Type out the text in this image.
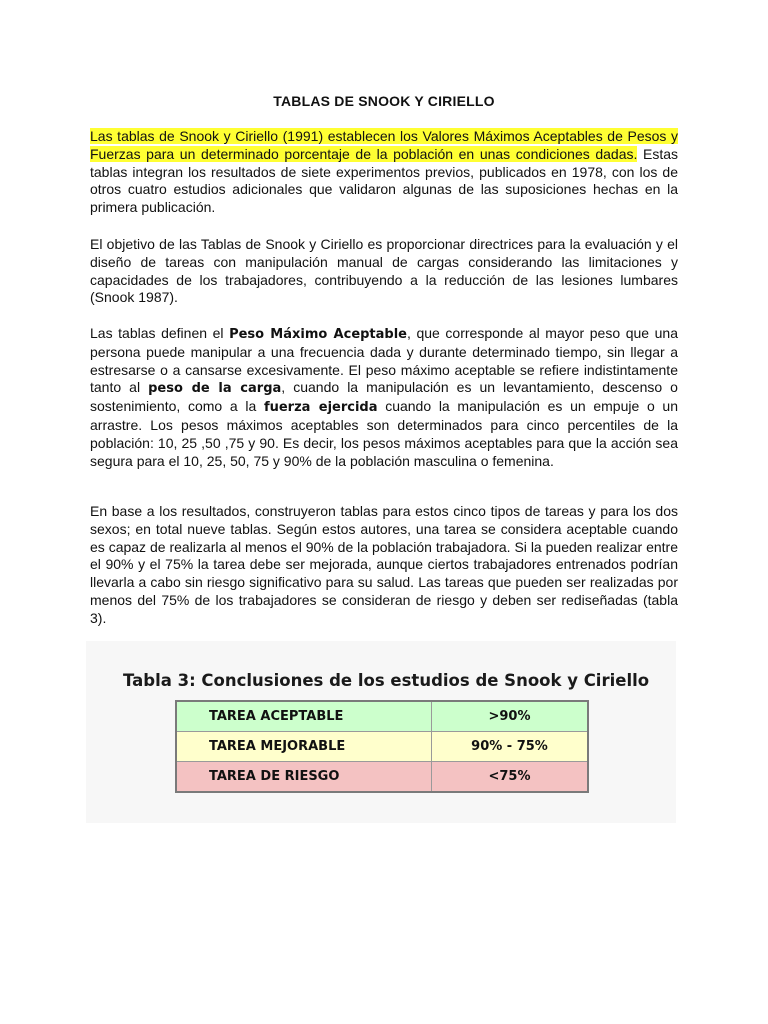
TABLAS DE SNOOK Y CIRIELLO

Las tablas de Snook y Ciriello (1991) establecen los Valores Máximos Aceptables de Pesos y Fuerzas para un determinado porcentaje de la población en unas condiciones dadas. Estas tablas integran los resultados de siete experimentos previos, publicados en 1978, con los de otros cuatro estudios adicionales que validaron algunas de las suposiciones hechas en la primera publicación.

El objetivo de las Tablas de Snook y Ciriello es proporcionar directrices para la evaluación y el diseño de tareas con manipulación manual de cargas considerando las limitaciones y capacidades de los trabajadores, contribuyendo a la reducción de las lesiones lumbares (Snook 1987).

Las tablas definen el Peso Máximo Aceptable, que corresponde al mayor peso que una persona puede manipular a una frecuencia dada y durante determinado tiempo, sin llegar a estresarse o a cansarse excesivamente. El peso máximo aceptable se refiere indistintamente tanto al peso de la carga, cuando la manipulación es un levantamiento, descenso o sostenimiento, como a la fuerza ejercida cuando la manipulación es un empuje o un arrastre. Los pesos máximos aceptables son determinados para cinco percentiles de la población: 10, 25 ,50 ,75 y 90. Es decir, los pesos máximos aceptables para que la acción sea segura para el 10, 25, 50, 75 y 90% de la población masculina o femenina.

En base a los resultados, construyeron tablas para estos cinco tipos de tareas y para los dos sexos; en total nueve tablas. Según estos autores, una tarea se considera aceptable cuando es capaz de realizarla al menos el 90% de la población trabajadora. Si la pueden realizar entre el 90% y el 75% la tarea debe ser mejorada, aunque ciertos trabajadores entrenados podrían llevarla a cabo sin riesgo significativo para su salud. Las tareas que pueden ser realizadas por menos del 75% de los trabajadores se consideran de riesgo y deben ser rediseñadas (tabla 3).

Tabla 3: Conclusiones de los estudios de Snook y Ciriello
TAREA ACEPTABLE	>90%
TAREA MEJORABLE	90% - 75%
TAREA DE RIESGO	<75%
